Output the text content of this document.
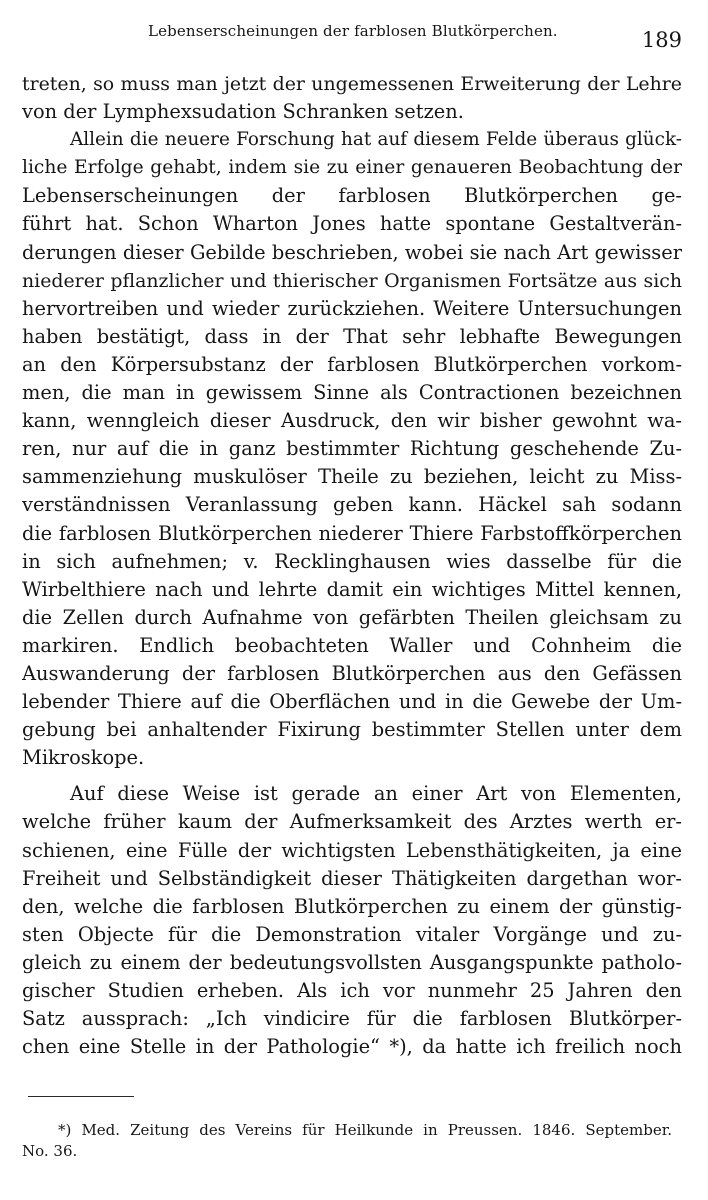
Lebenserscheinungen der farblosen Blutkörperchen.	189
treten, so muss man jetzt der ungemessenen Erweiterung der Lehre
von der Lymphexsudation Schranken setzen.
Allein die neuere Forschung hat auf diesem Felde überaus glück-
liche Erfolge gehabt, indem sie zu einer genaueren Beobachtung der
Lebenserscheinungen der farblosen Blutkörperchen ge-
führt hat. Schon Wharton Jones hatte spontane Gestaltverän-
derungen dieser Gebilde beschrieben, wobei sie nach Art gewisser
niederer pflanzlicher und thierischer Organismen Fortsätze aus sich
hervortreiben und wieder zurückziehen. Weitere Untersuchungen
haben bestätigt, dass in der That sehr lebhafte Bewegungen
an den Körpersubstanz der farblosen Blutkörperchen vorkom-
men, die man in gewissem Sinne als Contractionen bezeichnen
kann, wenngleich dieser Ausdruck, den wir bisher gewohnt wa-
ren, nur auf die in ganz bestimmter Richtung geschehende Zu-
sammenziehung muskulöser Theile zu beziehen, leicht zu Miss-
verständnissen Veranlassung geben kann. Häckel sah sodann
die farblosen Blutkörperchen niederer Thiere Farbstoffkörperchen
in sich aufnehmen; v. Recklinghausen wies dasselbe für die
Wirbelthiere nach und lehrte damit ein wichtiges Mittel kennen,
die Zellen durch Aufnahme von gefärbten Theilen gleichsam zu
markiren. Endlich beobachteten Waller und Cohnheim die
Auswanderung der farblosen Blutkörperchen aus den Gefässen
lebender Thiere auf die Oberflächen und in die Gewebe der Um-
gebung bei anhaltender Fixirung bestimmter Stellen unter dem
Mikroskope.
Auf diese Weise ist gerade an einer Art von Elementen,
welche früher kaum der Aufmerksamkeit des Arztes werth er-
schienen, eine Fülle der wichtigsten Lebensthätigkeiten, ja eine
Freiheit und Selbständigkeit dieser Thätigkeiten dargethan wor-
den, welche die farblosen Blutkörperchen zu einem der günstig-
sten Objecte für die Demonstration vitaler Vorgänge und zu-
gleich zu einem der bedeutungsvollsten Ausgangspunkte patholo-
gischer Studien erheben. Als ich vor nunmehr 25 Jahren den
Satz aussprach: „Ich vindicire für die farblosen Blutkörper-
chen eine Stelle in der Pathologie“ *), da hatte ich freilich noch
*) Med. Zeitung des Vereins für Heilkunde in Preussen. 1846. September.
No. 36.
